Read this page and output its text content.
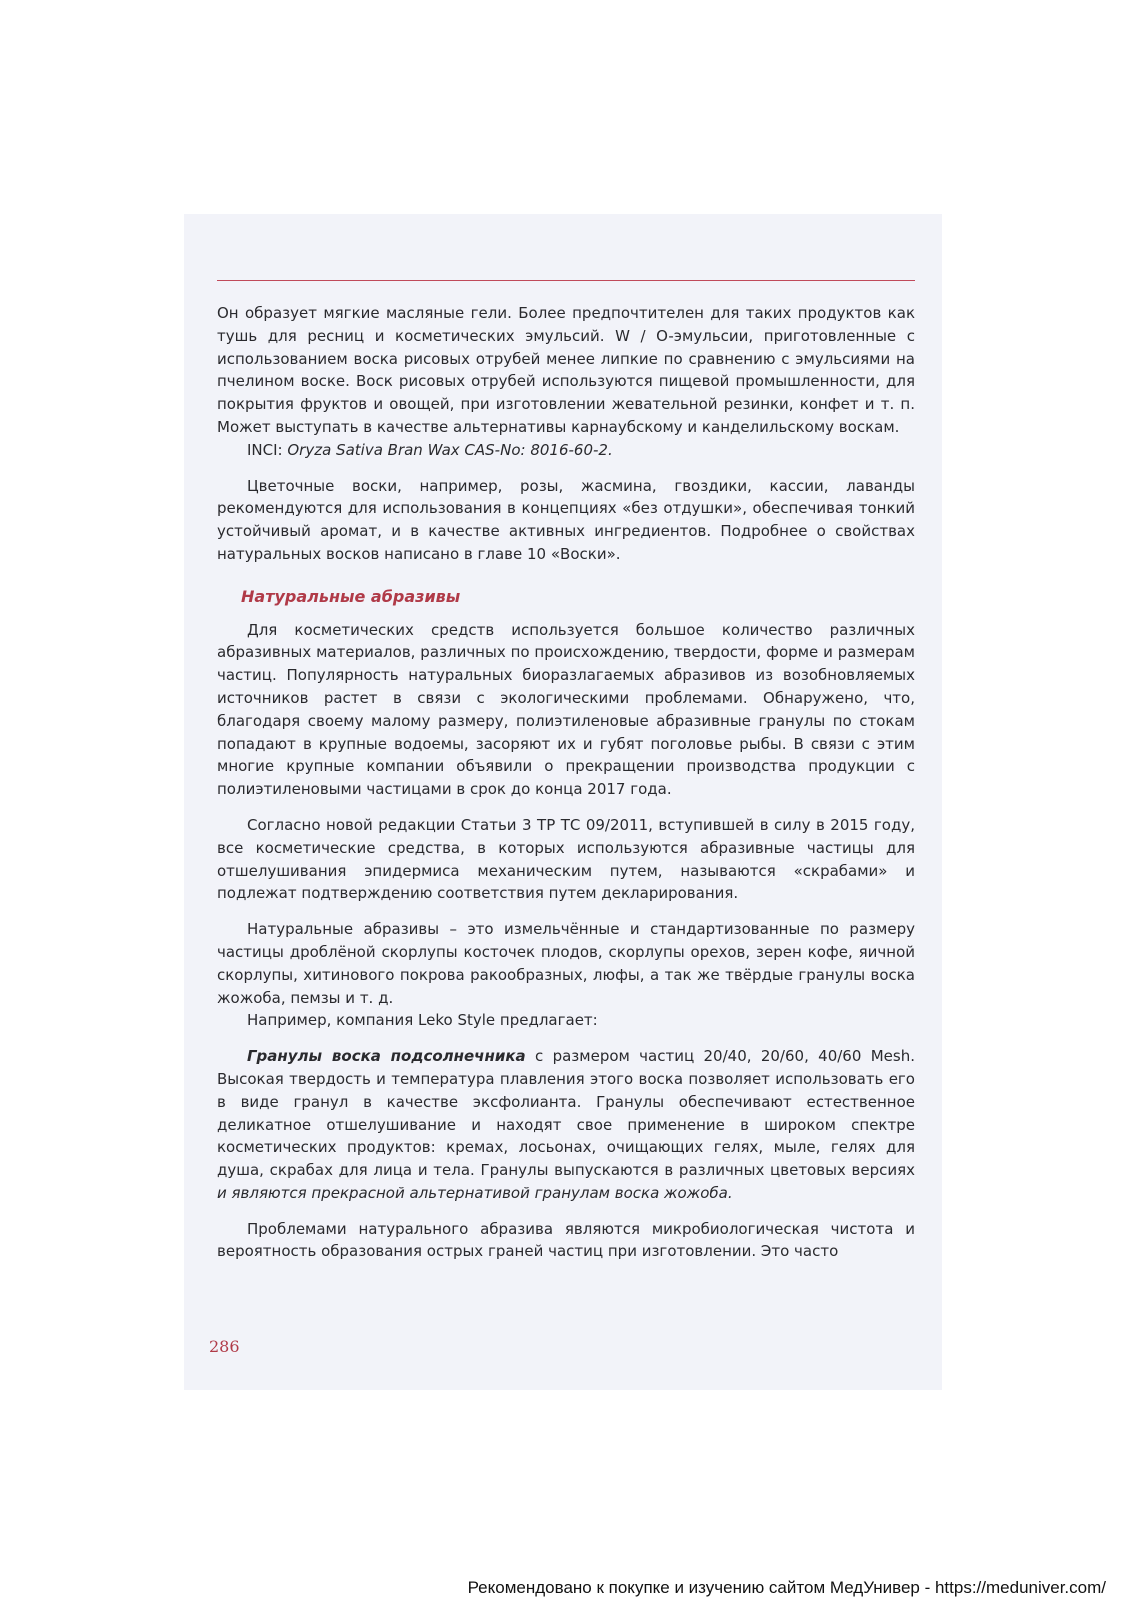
Он образует мягкие масляные гели. Более предпочтителен для таких продуктов как тушь для ресниц и косметических эмульсий. W / O-эмульсии, приготовленные с использованием воска рисовых отрубей менее липкие по сравнению с эмульсиями на пчелином воске. Воск рисовых отрубей используются пищевой промышленности, для покрытия фруктов и овощей, при изготовлении жевательной резинки, конфет и т. п. Может выступать в качестве альтернативы карнаубскому и канделильскому воскам.

INCI: Oryza Sativa Bran Wax CAS-No: 8016-60-2.

Цветочные воски, например, розы, жасмина, гвоздики, кассии, лаванды рекомендуются для использования в концепциях «без отдушки», обеспечивая тонкий устойчивый аромат, и в качестве активных ингредиентов. Подробнее о свойствах натуральных восков написано в главе 10 «Воски».

Натуральные абразивы

Для косметических средств используется большое количество различных абразивных материалов, различных по происхождению, твердости, форме и размерам частиц. Популярность натуральных биоразлагаемых абразивов из возобновляемых источников растет в связи с экологическими проблемами. Обнаружено, что, благодаря своему малому размеру, полиэтиленовые абразивные гранулы по стокам попадают в крупные водоемы, засоряют их и губят поголовье рыбы. В связи с этим многие крупные компании объявили о прекращении производства продукции с полиэтиленовыми частицами в срок до конца 2017 года.

Согласно новой редакции Статьи 3 ТР ТС 09/2011, вступившей в силу в 2015 году, все косметические средства, в которых используются абразивные частицы для отшелушивания эпидермиса механическим путем, называются «скрабами» и подлежат подтверждению соответствия путем декларирования.

Натуральные абразивы – это измельчённые и стандартизованные по размеру частицы дроблёной скорлупы косточек плодов, скорлупы орехов, зерен кофе, яичной скорлупы, хитинового покрова ракообразных, люфы, а так же твёрдые гранулы воска жожоба, пемзы и т. д.

Например, компания Leko Style предлагает:

Гранулы воска подсолнечника с размером частиц 20/40, 20/60, 40/60 Mesh. Высокая твердость и температура плавления этого воска позволяет использовать его в виде гранул в качестве эксфолианта. Гранулы обеспечивают естественное деликатное отшелушивание и находят свое применение в широком спектре косметических продуктов: кремах, лосьонах, очищающих гелях, мыле, гелях для душа, скрабах для лица и тела. Гранулы выпускаются в различных цветовых версиях и являются прекрасной альтернативой гранулам воска жожоба.

Проблемами натурального абразива являются микробиологическая чистота и вероятность образования острых граней частиц при изготовлении. Это часто

286
Рекомендовано к покупке и изучению сайтом МедУнивер - https://meduniver.com/
